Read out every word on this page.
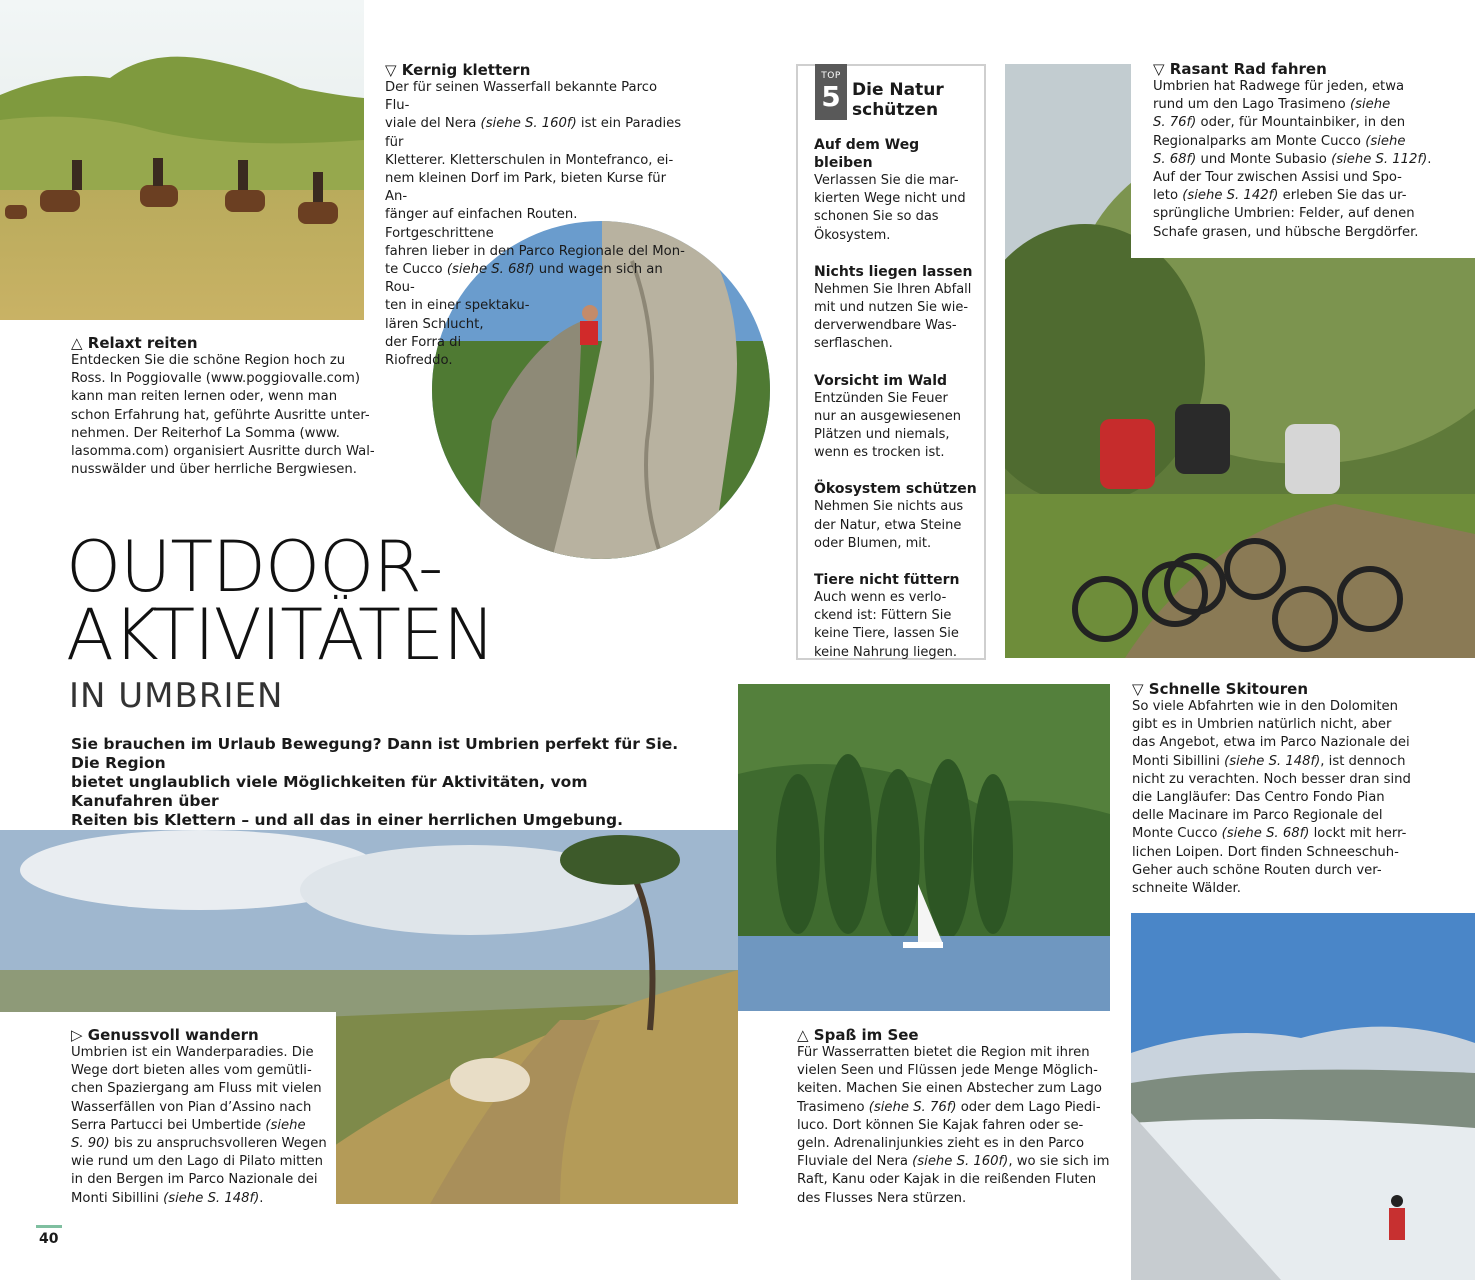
▽ Kernig klettern
Der für seinen Wasserfall bekannte Parco Flu-
viale del Nera (siehe S. 160f) ist ein Paradies für
Kletterer. Kletterschulen in Montefranco, ei-
nem kleinen Dorf im Park, bieten Kurse für An-
fänger auf einfachen Routen. Fortgeschrittene
fahren lieber in den Parco Regionale del Mon-
te Cucco (siehe S. 68f) und wagen sich an Rou-
ten in einer spektaku-
lären Schlucht,
der Forra di
Riofreddo.
△ Relaxt reiten
Entdecken Sie die schöne Region hoch zu
Ross. In Poggiovalle (www.poggiovalle.com)
kann man reiten lernen oder, wenn man
schon Erfahrung hat, geführte Ausritte unter-
nehmen. Der Reiterhof La Somma (www.
lasomma.com) organisiert Ausritte durch Wal-
nusswälder und über herrliche Bergwiesen.
OUTDOOR-
AKTIVITÄTEN
IN UMBRIEN
Sie brauchen im Urlaub Bewegung? Dann ist Umbrien perfekt für Sie. Die Region
bietet unglaublich viele Möglichkeiten für Aktivitäten, vom Kanufahren über
Reiten bis Klettern – und all das in einer herrlichen Umgebung.
TOP
5 Die Natur
schützen
Auf dem Weg bleiben
Verlassen Sie die mar-
kierten Wege nicht und
schonen Sie so das
Ökosystem.
Nichts liegen lassen
Nehmen Sie Ihren Abfall
mit und nutzen Sie wie-
derverwendbare Was-
serflaschen.
Vorsicht im Wald
Entzünden Sie Feuer
nur an ausgewiesenen
Plätzen und niemals,
wenn es trocken ist.
Ökosystem schützen
Nehmen Sie nichts aus
der Natur, etwa Steine
oder Blumen, mit.
Tiere nicht füttern
Auch wenn es verlo-
ckend ist: Füttern Sie
keine Tiere, lassen Sie
keine Nahrung liegen.
▽ Rasant Rad fahren
Umbrien hat Radwege für jeden, etwa
rund um den Lago Trasimeno (siehe
S. 76f) oder, für Mountainbiker, in den
Regionalparks am Monte Cucco (siehe
S. 68f) und Monte Subasio (siehe S. 112f).
Auf der Tour zwischen Assisi und Spo-
leto (siehe S. 142f) erleben Sie das ur-
sprüngliche Umbrien: Felder, auf denen
Schafe grasen, und hübsche Bergdörfer.
▽ Schnelle Skitouren
So viele Abfahrten wie in den Dolomiten
gibt es in Umbrien natürlich nicht, aber
das Angebot, etwa im Parco Nazionale dei
Monti Sibillini (siehe S. 148f), ist dennoch
nicht zu verachten. Noch besser dran sind
die Langläufer: Das Centro Fondo Pian
delle Macinare im Parco Regionale del
Monte Cucco (siehe S. 68f) lockt mit herr-
lichen Loipen. Dort finden Schneeschuh-
Geher auch schöne Routen durch ver-
schneite Wälder.
▷ Genussvoll wandern
Umbrien ist ein Wanderparadies. Die
Wege dort bieten alles vom gemütli-
chen Spaziergang am Fluss mit vielen
Wasserfällen von Pian d’Assino nach
Serra Partucci bei Umbertide (siehe
S. 90) bis zu anspruchsvolleren Wegen
wie rund um den Lago di Pilato mitten
in den Bergen im Parco Nazionale dei
Monti Sibillini (siehe S. 148f).
△ Spaß im See
Für Wasserratten bietet die Region mit ihren
vielen Seen und Flüssen jede Menge Möglich-
keiten. Machen Sie einen Abstecher zum Lago
Trasimeno (siehe S. 76f) oder dem Lago Piedi-
luco. Dort können Sie Kajak fahren oder se-
geln. Adrenalinjunkies zieht es in den Parco
Fluviale del Nera (siehe S. 160f), wo sie sich im
Raft, Kanu oder Kajak in die reißenden Fluten
des Flusses Nera stürzen.
40
